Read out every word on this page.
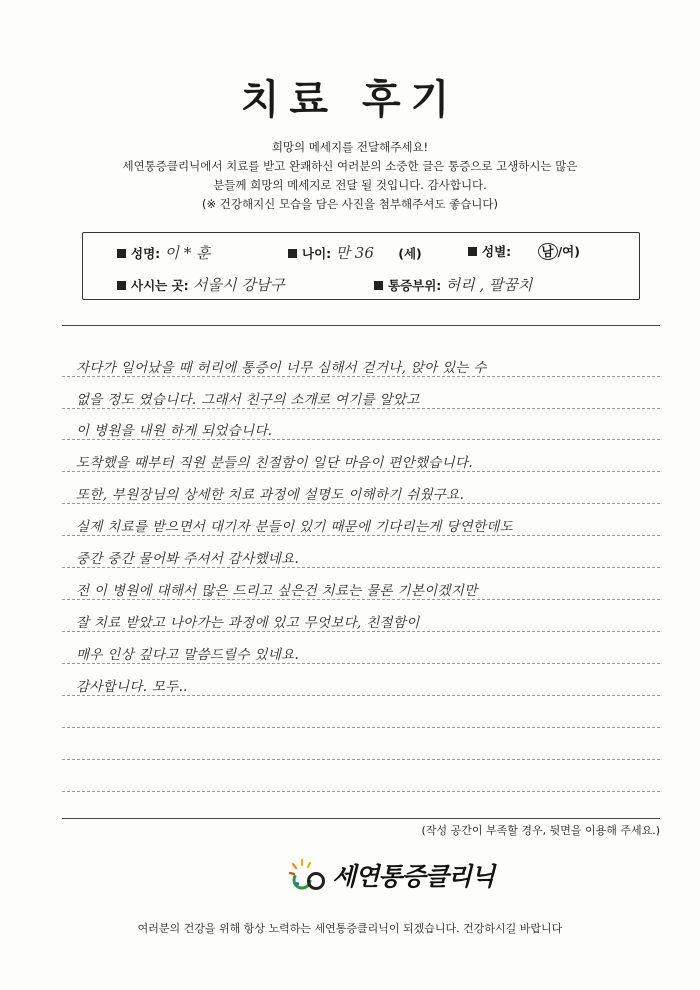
치료 후기
희망의 메세지를 전달해주세요!
세연통증클리닉에서 치료를 받고 완쾌하신 여러분의 소중한 글은 통증으로 고생하시는 많은
분들께 희망의 메세지로 전달 될 것입니다. 감사합니다.
(※ 건강해지신 모습을 담은 사진을 첨부해주셔도 좋습니다)
성명: 이 * 훈	나이: 만 36 (세)	성별: 남 /여)
사시는 곳: 서울시 강남구	통증부위: 허리 , 팔꿈치
자다가 일어났을 때 허리에 통증이 너무 심해서 걷거나, 앉아 있는 수
없을 정도 였습니다. 그래서 친구의 소개로 여기를 알았고
이 병원을 내원 하게 되었습니다.
도착했을 때부터 직원 분들의 친절함이 일단 마음이 편안했습니다.
또한, 부원장님의 상세한 치료 과정에 설명도 이해하기 쉬웠구요.
실제 치료를 받으면서 대기자 분들이 있기 때문에 기다리는게 당연한데도
중간 중간 물어봐 주셔서 감사했네요.
전 이 병원에 대해서 많은 드리고 싶은건 치료는 물론 기본이겠지만
잘 치료 받았고 나아가는 과정에 있고 무엇보다, 친절함이
매우 인상 깊다고 말씀드릴수 있네요.
감사합니다. 모두..
(작성 공간이 부족할 경우, 뒷면을 이용해 주세요.)
세연통증클리닉
여러분의 건강을 위해 항상 노력하는 세연통증클리닉이 되겠습니다. 건강하시길 바랍니다
